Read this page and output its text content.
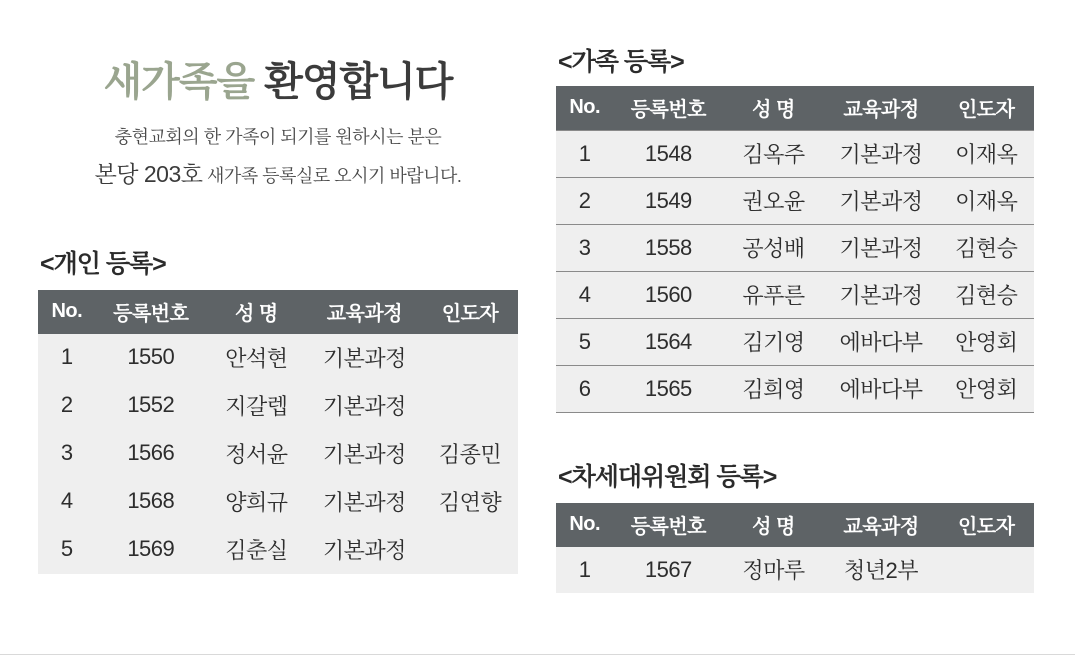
새가족을 환영합니다
충현교회의 한 가족이 되기를 원하시는 분은
본당 203호 새가족 등록실로 오시기 바랍니다.
<개인 등록>
No.	등록번호	성 명	교육과정	인도자
1	1550	안석현	기본과정	
2	1552	지갈렙	기본과정	
3	1566	정서윤	기본과정	김종민
4	1568	양희규	기본과정	김연향
5	1569	김춘실	기본과정	
<가족 등록>
No.	등록번호	성 명	교육과정	인도자
1	1548	김옥주	기본과정	이재옥
2	1549	권오윤	기본과정	이재옥
3	1558	공성배	기본과정	김현승
4	1560	유푸른	기본과정	김현승
5	1564	김기영	에바다부	안영회
6	1565	김희영	에바다부	안영회
<차세대위원회 등록>
No.	등록번호	성 명	교육과정	인도자
1	1567	정마루	청년2부	
